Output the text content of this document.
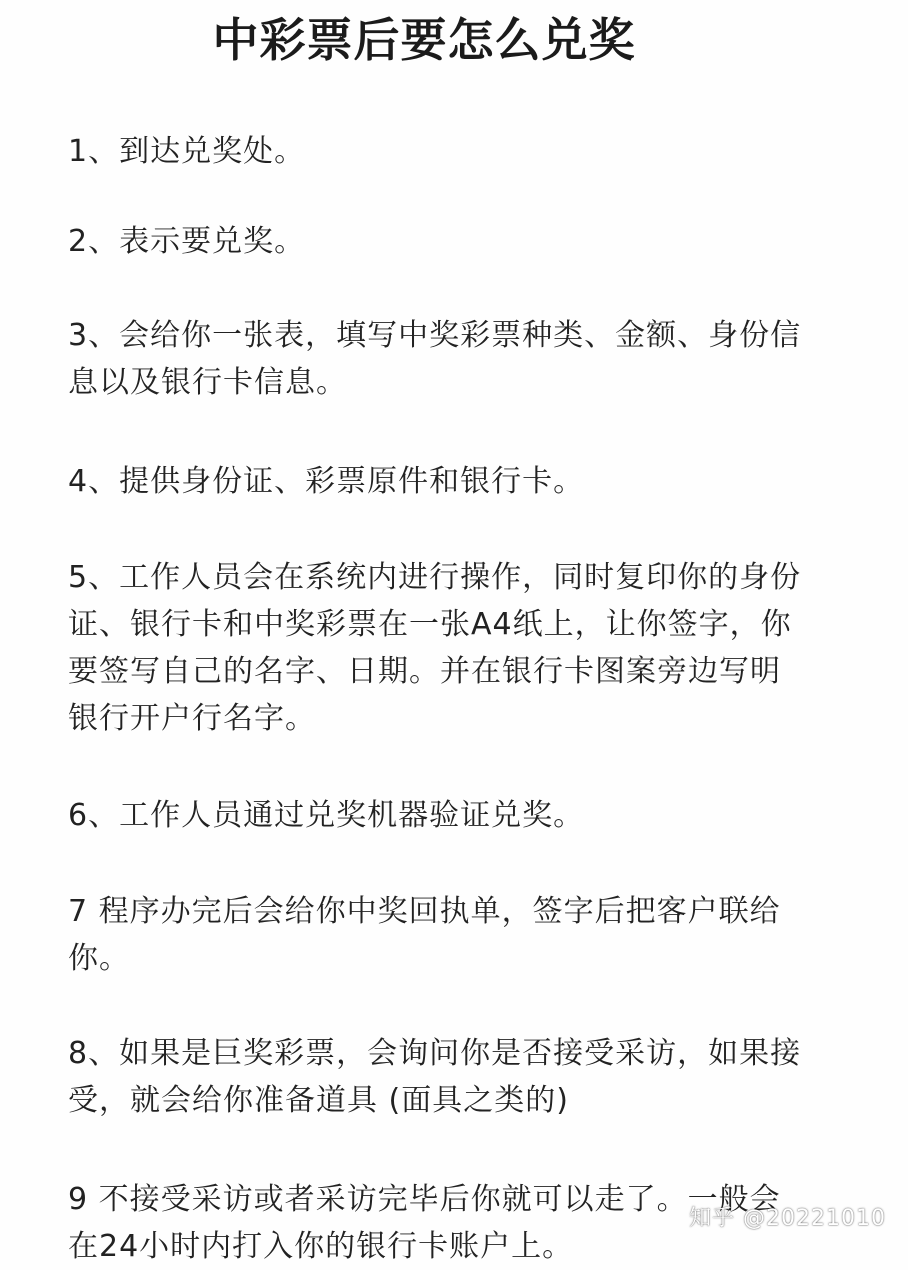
中彩票后要怎么兑奖
1、到达兑奖处。
2、表示要兑奖。
3、会给你一张表，填写中奖彩票种类、金额、身份信
息以及银行卡信息。
4、提供身份证、彩票原件和银行卡。
5、工作人员会在系统内进行操作，同时复印你的身份
证、银行卡和中奖彩票在一张A4纸上，让你签字，你
要签写自己的名字、日期。并在银行卡图案旁边写明
银行开户行名字。
6、工作人员通过兑奖机器验证兑奖。
7 程序办完后会给你中奖回执单，签字后把客户联给
你。
8、如果是巨奖彩票，会询问你是否接受采访，如果接
受，就会给你准备道具 (面具之类的)
9 不接受采访或者采访完毕后你就可以走了。一般会
在24小时内打入你的银行卡账户上。
知乎 @20221010
